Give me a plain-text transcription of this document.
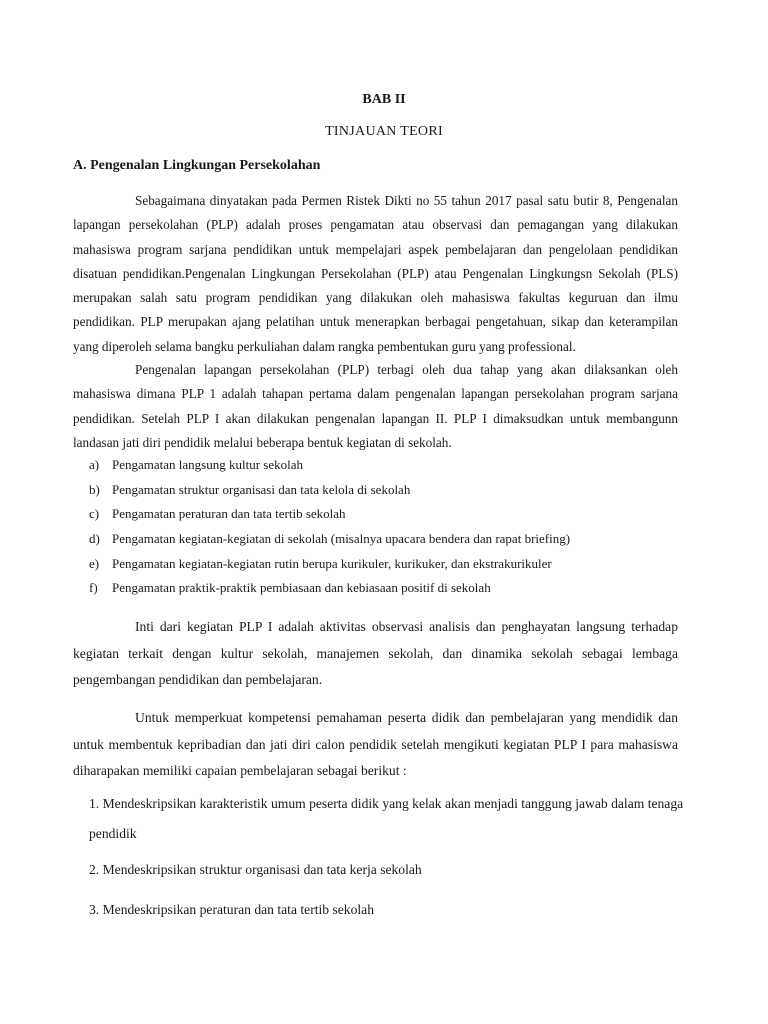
BAB II
TINJAUAN TEORI
A. Pengenalan Lingkungan Persekolahan

Sebagaimana dinyatakan pada Permen Ristek Dikti no 55 tahun 2017 pasal satu butir 8, Pengenalan lapangan persekolahan (PLP) adalah proses pengamatan atau observasi dan pemagangan yang dilakukan mahasiswa program sarjana pendidikan untuk mempelajari aspek pembelajaran dan pengelolaan pendidikan disatuan pendidikan.Pengenalan Lingkungan Persekolahan (PLP) atau Pengenalan Lingkungsn Sekolah (PLS) merupakan salah satu program pendidikan yang dilakukan oleh mahasiswa fakultas keguruan dan ilmu pendidikan. PLP merupakan ajang pelatihan untuk menerapkan berbagai pengetahuan, sikap dan keterampilan yang diperoleh selama bangku perkuliahan dalam rangka pembentukan guru yang professional.

Pengenalan lapangan persekolahan (PLP) terbagi oleh dua tahap yang akan dilaksankan oleh mahasiswa dimana PLP 1 adalah tahapan pertama dalam pengenalan lapangan persekolahan program sarjana pendidikan. Setelah PLP I akan dilakukan pengenalan lapangan II. PLP I dimaksudkan untuk membangunn landasan jati diri pendidik melalui beberapa bentuk kegiatan di sekolah.

a) Pengamatan langsung kultur sekolah
b) Pengamatan struktur organisasi dan tata kelola di sekolah
c) Pengamatan peraturan dan tata tertib sekolah
d) Pengamatan kegiatan-kegiatan di sekolah (misalnya upacara bendera dan rapat briefing)
e) Pengamatan kegiatan-kegiatan rutin berupa kurikuler, kurikuker, dan ekstrakurikuler
f)	Pengamatan praktik-praktik pembiasaan dan kebiasaan positif di sekolah

Inti dari kegiatan PLP I adalah aktivitas observasi analisis dan penghayatan langsung terhadap kegiatan terkait dengan kultur sekolah, manajemen sekolah, dan dinamika sekolah sebagai lembaga pengembangan pendidikan dan pembelajaran.

Untuk memperkuat kompetensi pemahaman peserta didik dan pembelajaran yang mendidik dan untuk membentuk kepribadian dan jati diri calon pendidik setelah mengikuti kegiatan PLP I para mahasiswa diharapakan memiliki capaian pembelajaran sebagai berikut :

1. Mendeskripsikan karakteristik umum peserta didik yang kelak akan menjadi tanggung jawab dalam tenaga pendidik

2. Mendeskripsikan struktur organisasi dan tata kerja sekolah

3. Mendeskripsikan peraturan dan tata tertib sekolah
